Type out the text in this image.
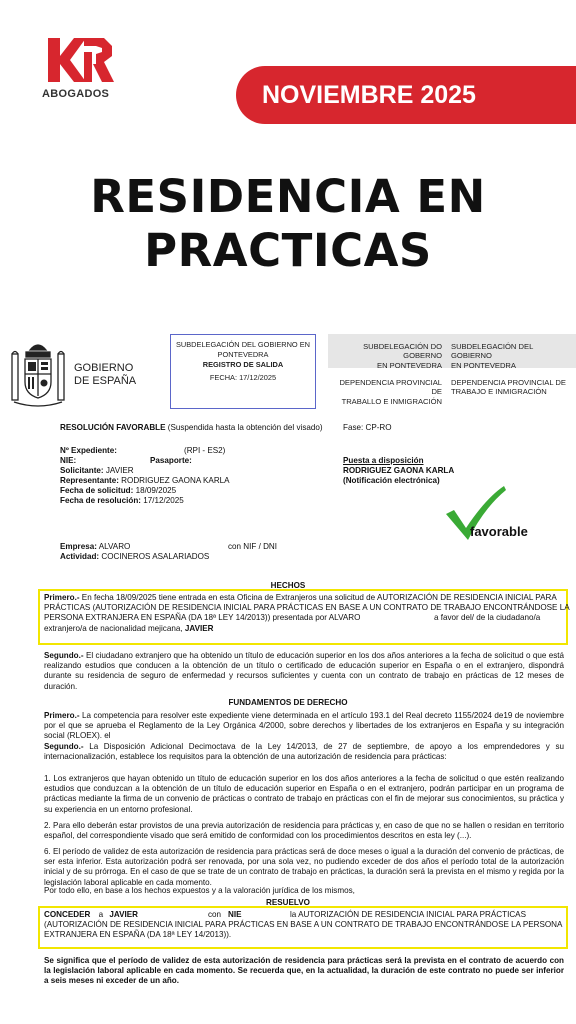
ABOGADOS	NOVIEMBRE 2025
RESIDENCIA EN
PRACTICAS
GOBIERNO
DE ESPAÑA
SUBDELEGACIÓN DEL GOBIERNO EN
PONTEVEDRA
REGISTRO DE SALIDA
FECHA: 17/12/2025
SUBDELEGACIÓN DO GOBERNO
EN PONTEVEDRA
SUBDELEGACIÓN DEL GOBIERNO
EN PONTEVEDRA
DEPENDENCIA PROVINCIAL DE
TRABALLO E INMIGRACIÓN
DEPENDENCIA PROVINCIAL DE
TRABAJO E INMIGRACIÓN
RESOLUCIÓN FAVORABLE (Suspendida hasta la obtención del visado)	Fase: CP-RO
Nº Expediente:	(RPI - ES2)
NIE:	Pasaporte:
Solicitante: JAVIER
Representante: RODRIGUEZ GAONA KARLA
Fecha de solicitud: 18/09/2025
Fecha de resolución: 17/12/2025
Puesta a disposición
RODRIGUEZ GAONA KARLA
(Notificación electrónica)
favorable
Empresa: ALVARO	con NIF / DNI
Actividad: COCINEROS ASALARIADOS
HECHOS
Primero.- En fecha 18/09/2025 tiene entrada en esta Oficina de Extranjeros una solicitud de AUTORIZACIÓN DE RESIDENCIA INICIAL PARA
PRÁCTICAS (AUTORIZACIÓN DE RESIDENCIA INICIAL PARA PRÁCTICAS EN BASE A UN CONTRATO DE TRABAJO ENCONTRÁNDOSE LA
PERSONA EXTRANJERA EN ESPAÑA (DA 18ª LEY 14/2013)) presentada por ALVARO	a favor del/ de la ciudadano/a
extranjero/a de nacionalidad mejicana, JAVIER
Segundo.- El ciudadano extranjero que ha obtenido un título de educación superior en los dos años anteriores a la fecha de solicitud o que está realizando estudios que conducen a la obtención de un título o certificado de educación superior en España o en el extranjero, dispondrá durante su residencia de seguro de enfermedad y recursos suficientes y cuenta con un contrato de trabajo en prácticas de 12 meses de duración.
FUNDAMENTOS DE DERECHO
Primero.- La competencia para resolver este expediente viene determinada en el artículo 193.1 del Real decreto 1155/2024 de19 de noviembre por el que se aprueba el Reglamento de la Ley Orgánica 4/2000, sobre derechos y libertades de los extranjeros en España y su integración social (RLOEX). el
Segundo.- La Disposición Adicional Decimoctava de la Ley 14/2013, de 27 de septiembre, de apoyo a los emprendedores y su internacionalización, establece los requisitos para la obtención de una autorización de residencia para prácticas:
1. Los extranjeros que hayan obtenido un título de educación superior en los dos años anteriores a la fecha de solicitud o que estén realizando estudios que conduzcan a la obtención de un título de educación superior en España o en el extranjero, podrán participar en un programa de prácticas mediante la firma de un convenio de prácticas o contrato de trabajo en prácticas con el fin de mejorar sus conocimientos, su práctica y su experiencia en un entorno profesional.
2. Para ello deberán estar provistos de una previa autorización de residencia para prácticas y, en caso de que no se hallen o residan en territorio español, del correspondiente visado que será emitido de conformidad con los procedimientos descritos en esta ley (...).
6. El período de validez de esta autorización de residencia para prácticas será de doce meses o igual a la duración del convenio de prácticas, de ser esta inferior. Esta autorización podrá ser renovada, por una sola vez, no pudiendo exceder de dos años el período total de la autorización inicial y de su prórroga. En el caso de que se trate de un contrato de trabajo en prácticas, la duración será la prevista en el mismo y regida por la legislación laboral aplicable en cada momento.
Por todo ello, en base a los hechos expuestos y a la valoración jurídica de los mismos,
RESUELVO
CONCEDER a JAVIER	con NIE	la AUTORIZACIÓN DE RESIDENCIA INICIAL PARA PRÁCTICAS
(AUTORIZACIÓN DE RESIDENCIA INICIAL PARA PRÁCTICAS EN BASE A UN CONTRATO DE TRABAJO ENCONTRÁNDOSE LA PERSONA
EXTRANJERA EN ESPAÑA (DA 18ª LEY 14/2013)).
Se significa que el período de validez de esta autorización de residencia para prácticas será la prevista en el contrato de acuerdo con la legislación laboral aplicable en cada momento. Se recuerda que, en la actualidad, la duración de este contrato no puede ser inferior a seis meses ni exceder de un año.
